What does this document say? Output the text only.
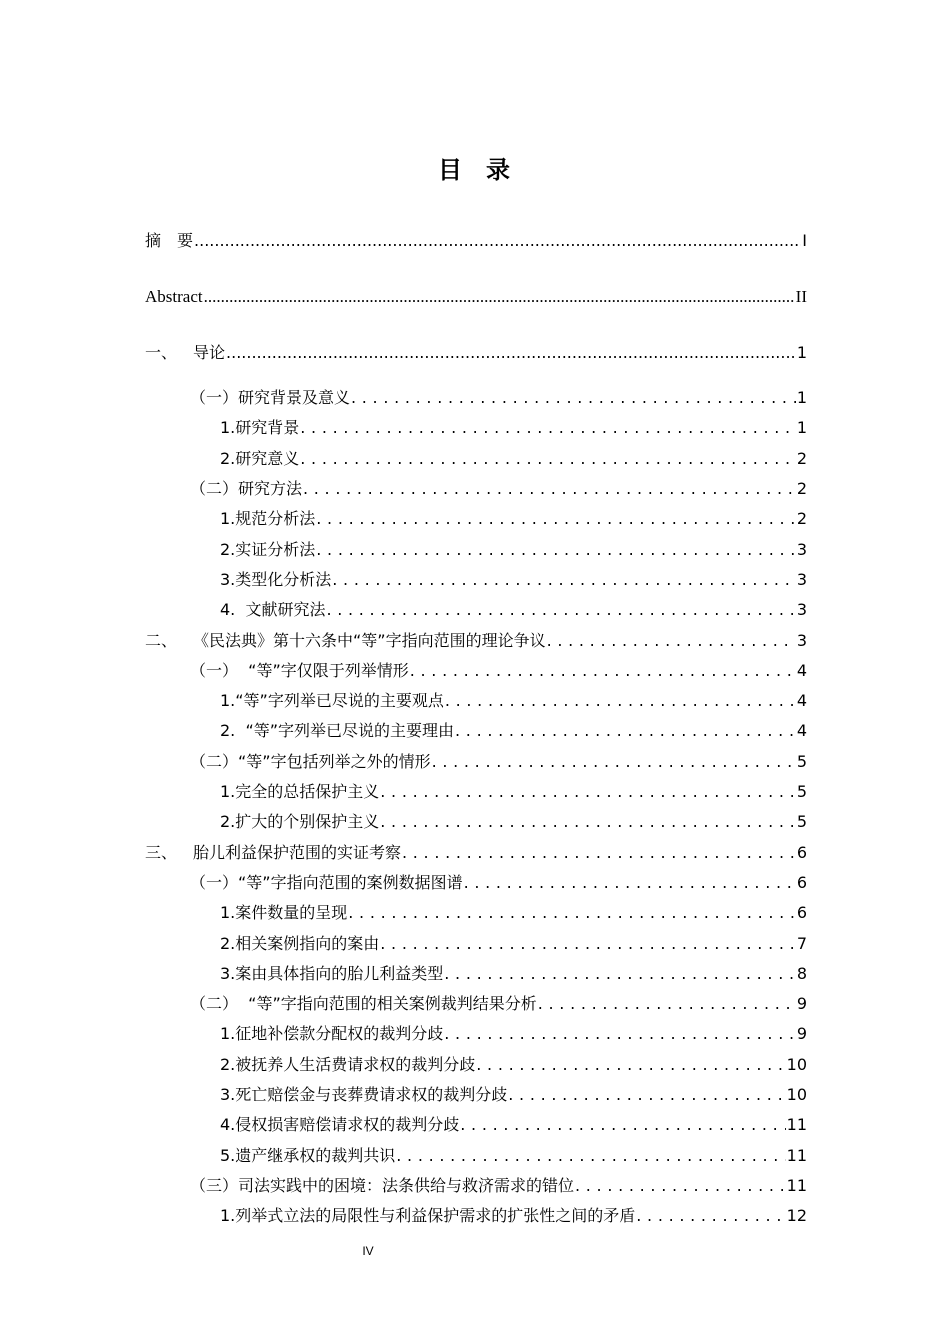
目 录
摘　要 .....	I
Abstract .....	II
一、 导论 .....	1
（一）研究背景及意义 . . .	1
1.研究背景 . . .	1
2.研究意义 . . .	2
（二）研究方法 . . .	2
1.规范分析法 . . .	2
2.实证分析法 . . .	3
3.类型化分析法 . . .	3
4.  文献研究法 . . .	3
二、 《民法典》第十六条中“等”字指向范围的理论争议 . . .	3
（一）  “等”字仅限于列举情形 . . .	4
1.“等”字列举已尽说的主要观点 . . .	4
2.  “等”字列举已尽说的主要理由 . . .	4
（二）“等”字包括列举之外的情形 . . .	5
1.完全的总括保护主义 . . .	5
2.扩大的个别保护主义 . . .	5
三、 胎儿利益保护范围的实证考察 . . .	6
（一）“等”字指向范围的案例数据图谱 . . .	6
1.案件数量的呈现 . . .	6
2.相关案例指向的案由 . . .	7
3.案由具体指向的胎儿利益类型 . . .	8
（二）  “等”字指向范围的相关案例裁判结果分析 . . .	9
1.征地补偿款分配权的裁判分歧 . . .	9
2.被抚养人生活费请求权的裁判分歧 . . .	10
3.死亡赔偿金与丧葬费请求权的裁判分歧 . . .	10
4.侵权损害赔偿请求权的裁判分歧 . . .	11
5.遗产继承权的裁判共识 . . .	11
（三）司法实践中的困境：法条供给与救济需求的错位 . . .	11
1.列举式立法的局限性与利益保护需求的扩张性之间的矛盾 . . .	12
IV
